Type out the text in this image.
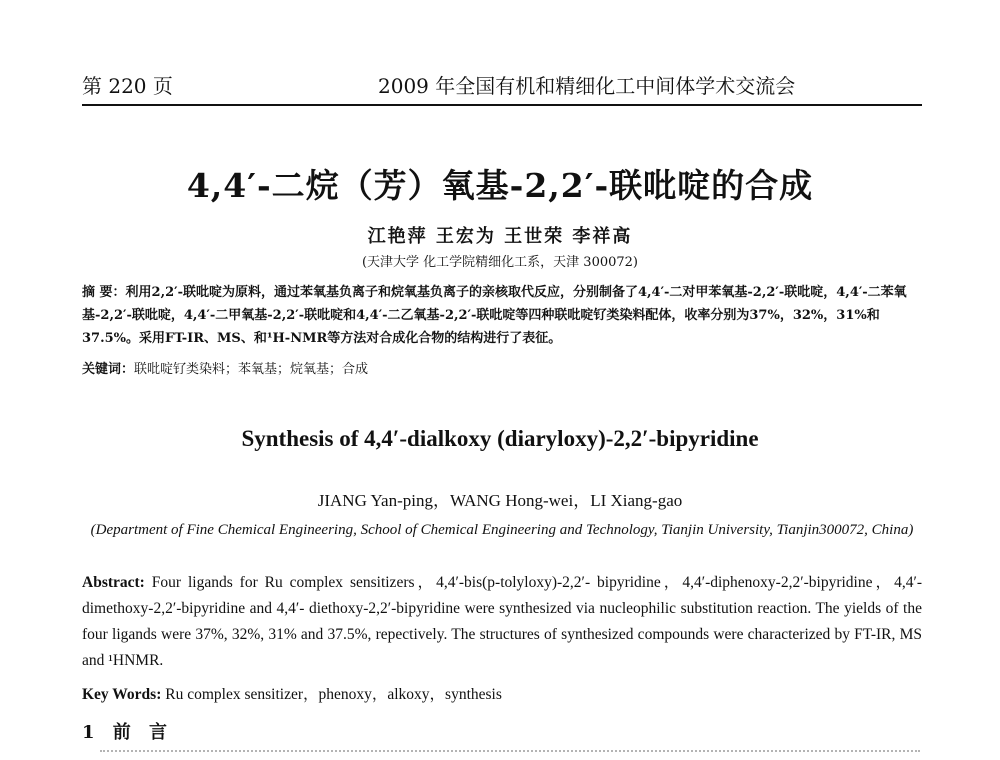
第 220 页	2009 年全国有机和精细化工中间体学术交流会
4,4′-二烷（芳）氧基-2,2′-联吡啶的合成
江艳萍 王宏为 王世荣 李祥高
(天津大学 化工学院精细化工系，天津 300072)
摘 要：利用2,2′-联吡啶为原料，通过苯氧基负离子和烷氧基负离子的亲核取代反应，分别制备了4,4′-二对甲苯氧基-2,2′-联吡啶，4,4′-二苯氧基-2,2′-联吡啶，4,4′-二甲氧基-2,2′-联吡啶和4,4′-二乙氧基-2,2′-联吡啶等四种联吡啶钌类染料配体，收率分别为37%，32%，31%和37.5%。采用FT-IR、MS、和¹H-NMR等方法对合成化合物的结构进行了表征。
关键词：联吡啶钌类染料；苯氧基；烷氧基；合成
Synthesis of 4,4′-dialkoxy (diaryloxy)-2,2′-bipyridine
JIANG Yan-ping，WANG Hong-wei，LI Xiang-gao
(Department of Fine Chemical Engineering, School of Chemical Engineering and Technology, Tianjin University, Tianjin300072, China)
Abstract: Four ligands for Ru complex sensitizers，4,4′-bis(p-tolyloxy)-2,2′- bipyridine，4,4′-diphenoxy-2,2′-bipyridine，4,4′-dimethoxy-2,2′-bipyridine and 4,4′- diethoxy-2,2′-bipyridine were synthesized via nucleophilic substitution reaction. The yields of the four ligands were 37%, 32%, 31% and 37.5%, repectively. The structures of synthesized compounds were characterized by FT-IR, MS and ¹HNMR.
Key Words: Ru complex sensitizer，phenoxy，alkoxy，synthesis
1 前 言
